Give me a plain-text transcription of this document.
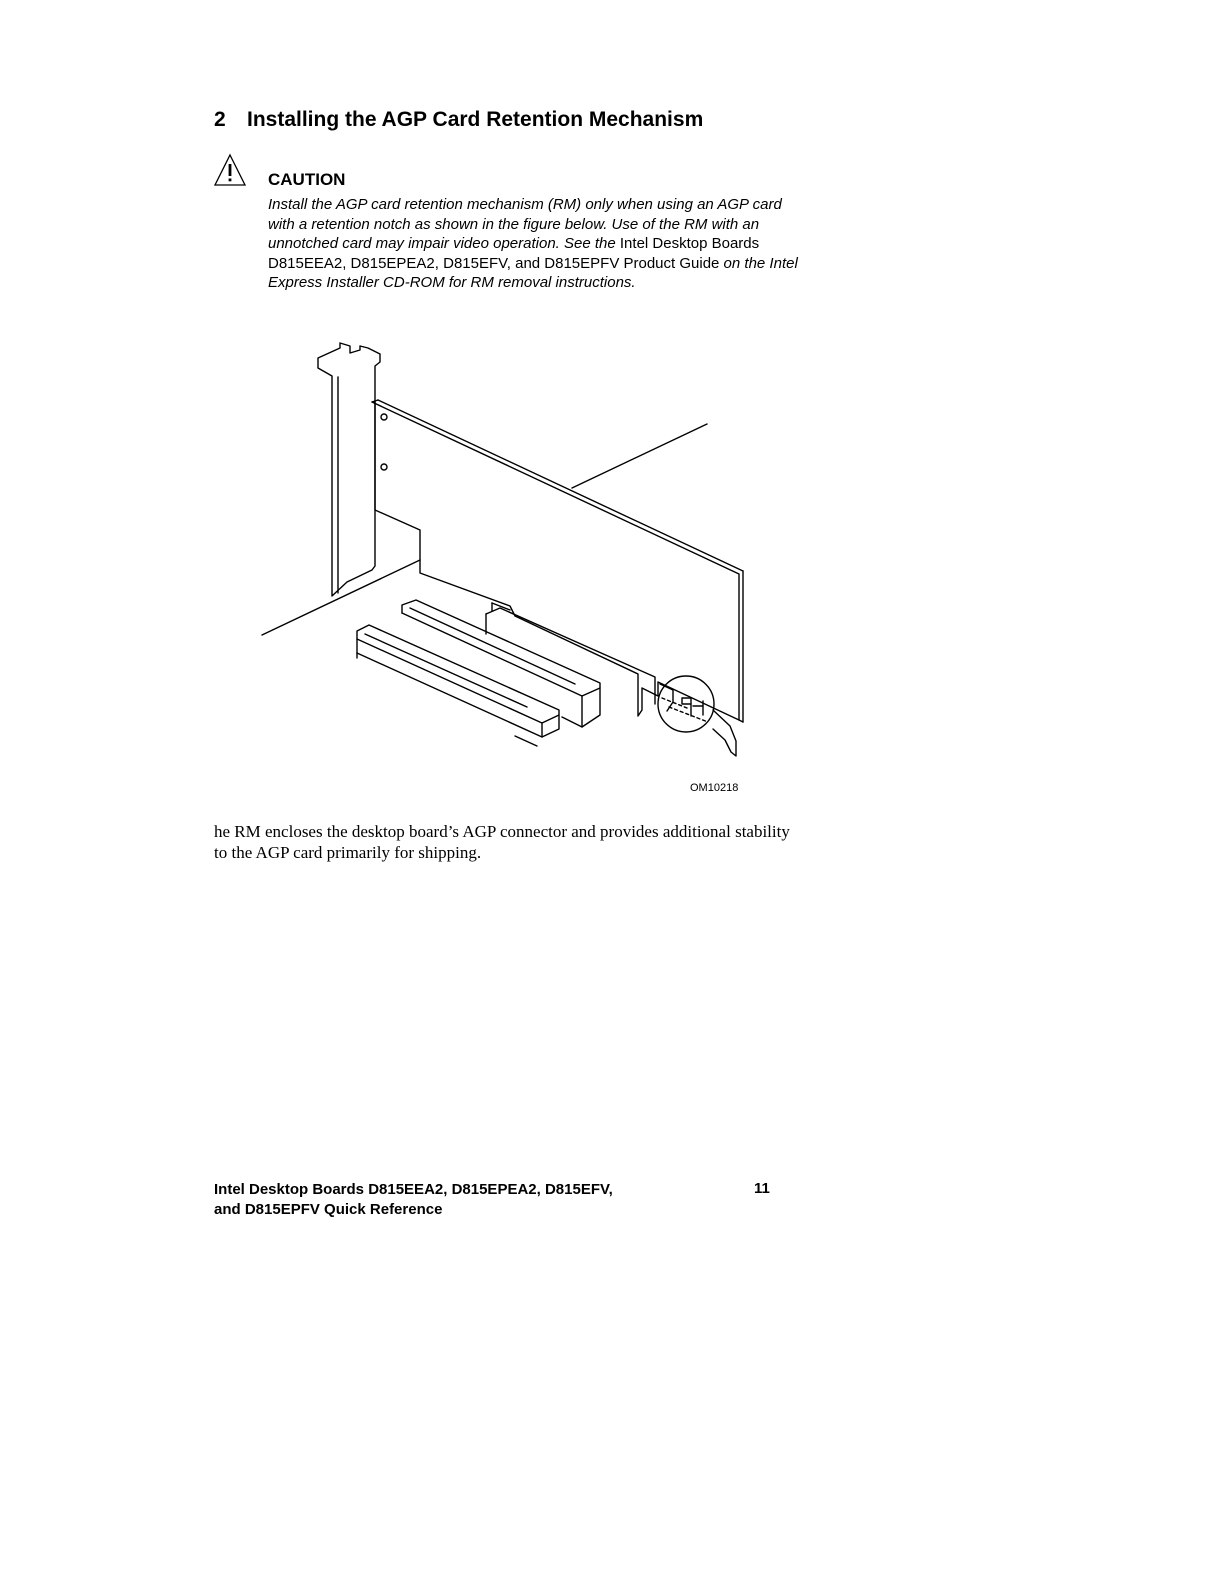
2 Installing the AGP Card Retention Mechanism
CAUTION
Install the AGP card retention mechanism (RM) only when using an AGP card with a retention notch as shown in the figure below. Use of the RM with an unnotched card may impair video operation. See the Intel Desktop Boards D815EEA2, D815EPEA2, D815EFV, and D815EPFV Product Guide on the Intel Express Installer CD-ROM for RM removal instructions.
OM10218
he RM encloses the desktop board’s AGP connector and provides additional stability to the AGP card primarily for shipping.
Intel Desktop Boards D815EEA2, D815EPEA2, D815EFV,
and D815EPFV Quick Reference
11
